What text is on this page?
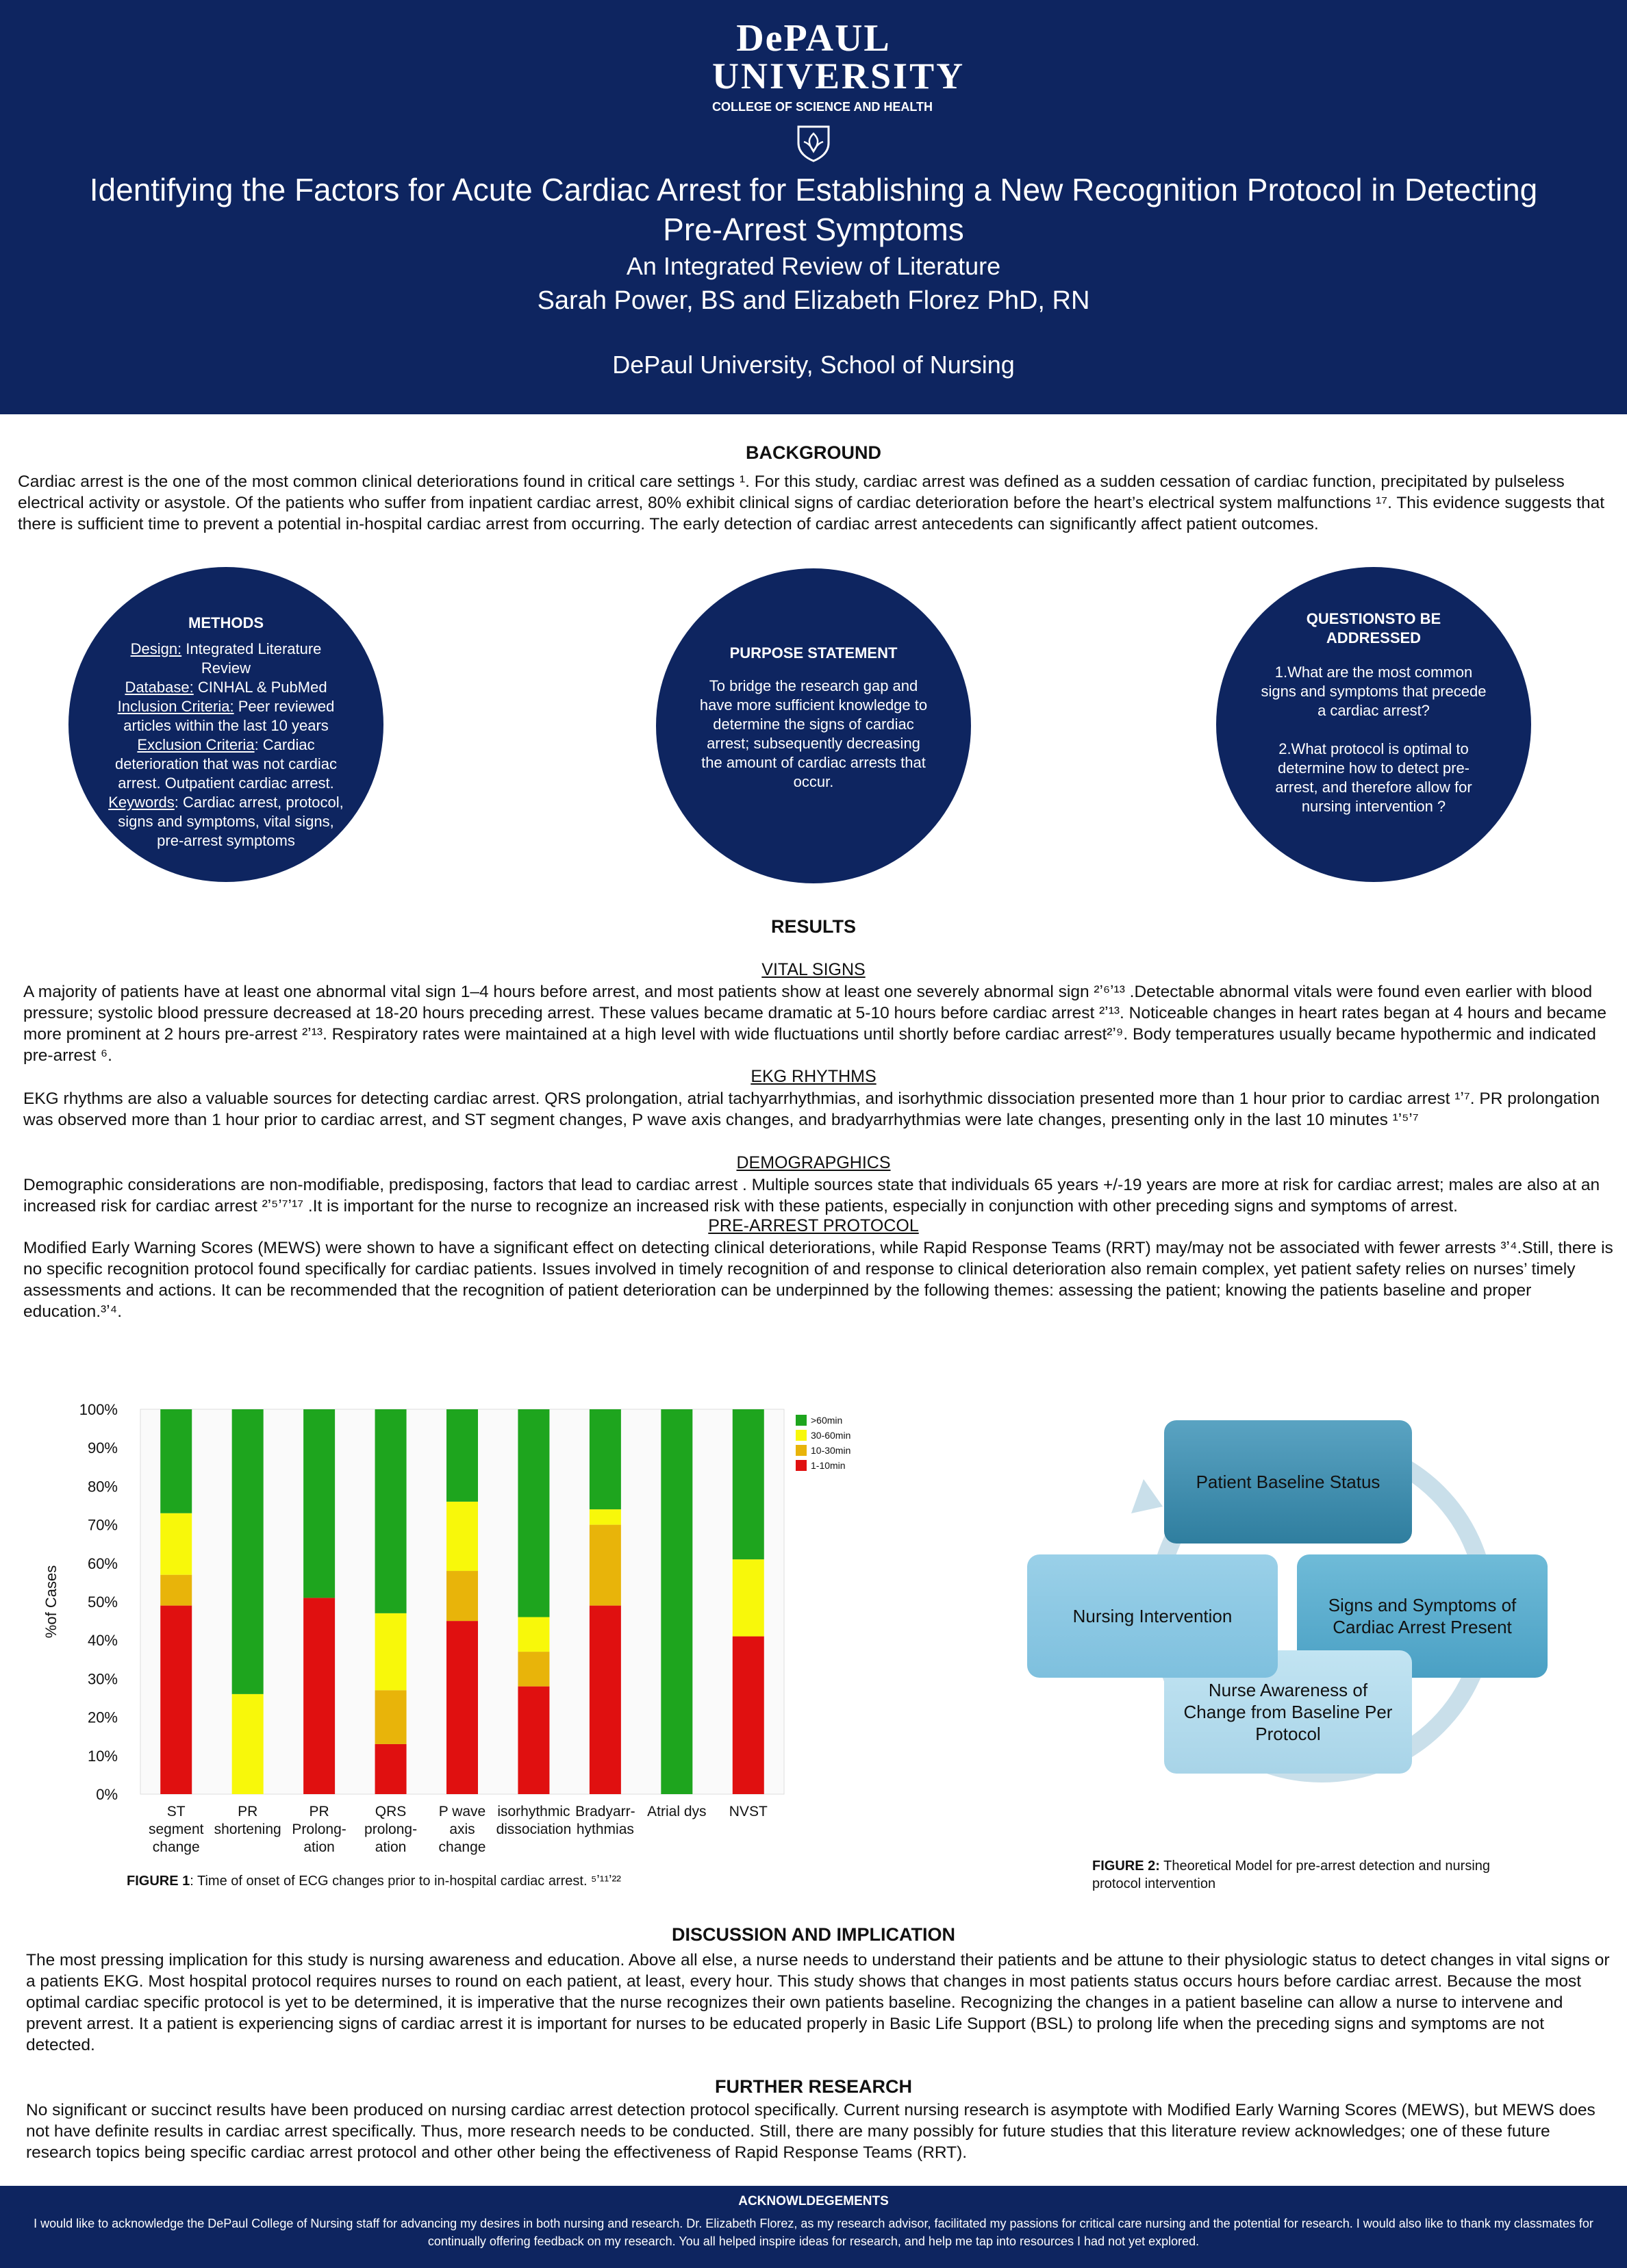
DePAUL
UNIVERSITY
COLLEGE OF SCIENCE AND HEALTH
Identifying the Factors for Acute Cardiac Arrest for Establishing a New Recognition Protocol in Detecting Pre-Arrest Symptoms
An Integrated Review of Literature
Sarah Power, BS and Elizabeth Florez PhD, RN
DePaul University, School of Nursing
BACKGROUND

Cardiac arrest is the one of the most common clinical deteriorations found in critical care settings ¹. For this study, cardiac arrest was defined as a sudden cessation of cardiac function, precipitated by pulseless electrical activity or asystole. Of the patients who suffer from inpatient cardiac arrest, 80% exhibit clinical signs of cardiac deterioration before the heart’s electrical system malfunctions ¹⁷. This evidence suggests that there is sufficient time to prevent a potential in-hospital cardiac arrest from occurring. The early detection of cardiac arrest antecedents can significantly affect patient outcomes.

METHODS
Design: Integrated Literature Review
Database: CINHAL & PubMed
Inclusion Criteria: Peer reviewed articles within the last 10 years
Exclusion Criteria: Cardiac deterioration that was not cardiac arrest. Outpatient cardiac arrest.
Keywords: Cardiac arrest, protocol, signs and symptoms, vital signs, pre-arrest symptoms
PURPOSE STATEMENT
To bridge the research gap and have more sufficient knowledge to determine the signs of cardiac arrest; subsequently decreasing the amount of cardiac arrests that occur.
QUESTIONSTO BE ADDRESSED
1.What are the most common signs and symptoms that precede a cardiac arrest?
2.What protocol is optimal to determine how to detect pre-arrest, and therefore allow for nursing intervention ?
RESULTS
VITAL SIGNS

A majority of patients have at least one abnormal vital sign 1–4 hours before arrest, and most patients show at least one severely abnormal sign ²ʼ⁶ʼ¹³ .Detectable abnormal vitals were found even earlier with blood pressure; systolic blood pressure decreased at 18-20 hours preceding arrest. These values became dramatic at 5-10 hours before cardiac arrest ²ʼ¹³. Noticeable changes in heart rates began at 4 hours and became more prominent at 2 hours pre-arrest ²ʼ¹³. Respiratory rates were maintained at a high level with wide fluctuations until shortly before cardiac arrest²ʼ⁹. Body temperatures usually became hypothermic and indicated pre-arrest ⁶.

EKG RHYTHMS

EKG rhythms are also a valuable sources for detecting cardiac arrest. QRS prolongation, atrial tachyarrhythmias, and isorhythmic dissociation presented more than 1 hour prior to cardiac arrest ¹ʼ⁷. PR prolongation was observed more than 1 hour prior to cardiac arrest, and ST segment changes, P wave axis changes, and bradyarrhythmias were late changes, presenting only in the last 10 minutes ¹ʼ⁵ʼ⁷

DEMOGRAPGHICS

Demographic considerations are non-modifiable, predisposing, factors that lead to cardiac arrest . Multiple sources state that individuals 65 years +/-19 years are more at risk for cardiac arrest; males are also at an increased risk for cardiac arrest ²ʼ⁵ʼ⁷ʼ¹⁷ .It is important for the nurse to recognize an increased risk with these patients, especially in conjunction with other preceding signs and symptoms of arrest.

PRE-ARREST PROTOCOL

Modified Early Warning Scores (MEWS) were shown to have a significant effect on detecting clinical deteriorations, while Rapid Response Teams (RRT) may/may not be associated with fewer arrests ³ʼ⁴.Still, there is no specific recognition protocol found specifically for cardiac patients. Issues involved in timely recognition of and response to clinical deterioration also remain complex, yet patient safety relies on nurses’ timely assessments and actions. It can be recommended that the recognition of patient deterioration can be underpinned by the following themes: assessing the patient; knowing the patients baseline and proper education.³ʼ⁴.

0%
10%
20%
30%
40%
50%
60%
70%
80%
90%
100%
%of Cases
ST segment change
PR shortening
PR Prolong-ation
QRS prolong-ation
P wave axis change
isorhythmic dissociation
Bradyarr-hythmias
Atrial dys NVST
>60min
30-60min
10-30min
1-10min
FIGURE 1: Time of onset of ECG changes prior to in-hospital cardiac arrest. ⁵ʼ¹¹ʼ²²
Patient Baseline Status
Signs and Symptoms of Cardiac Arrest Present
Nurse Awareness of Change from Baseline Per Protocol
Nursing Intervention
FIGURE 2: Theoretical Model for pre-arrest detection and nursing protocol intervention
DISCUSSION AND IMPLICATION

The most pressing implication for this study is nursing awareness and education. Above all else, a nurse needs to understand their patients and be attune to their physiologic status to detect changes in vital signs or a patients EKG. Most hospital protocol requires nurses to round on each patient, at least, every hour. This study shows that changes in most patients status occurs hours before cardiac arrest. Because the most optimal cardiac specific protocol is yet to be determined, it is imperative that the nurse recognizes their own patients baseline. Recognizing the changes in a patient baseline can allow a nurse to intervene and prevent arrest. It a patient is experiencing signs of cardiac arrest it is important for nurses to be educated properly in Basic Life Support (BSL) to prolong life when the preceding signs and symptoms are not detected.

FURTHER RESEARCH

No significant or succinct results have been produced on nursing cardiac arrest detection protocol specifically. Current nursing research is asymptote with Modified Early Warning Scores (MEWS), but MEWS does not have definite results in cardiac arrest specifically. Thus, more research needs to be conducted. Still, there are many possibly for future studies that this literature review acknowledges; one of these future research topics being specific cardiac arrest protocol and other other being the effectiveness of Rapid Response Teams (RRT).

ACKNOWLDEGEMENTS
I would like to acknowledge the DePaul College of Nursing staff for advancing my desires in both nursing and research. Dr. Elizabeth Florez, as my research advisor, facilitated my passions for critical care nursing and the potential for research. I would also like to thank my classmates for continually offering feedback on my research. You all helped inspire ideas for research, and help me tap into resources I had not yet explored.
